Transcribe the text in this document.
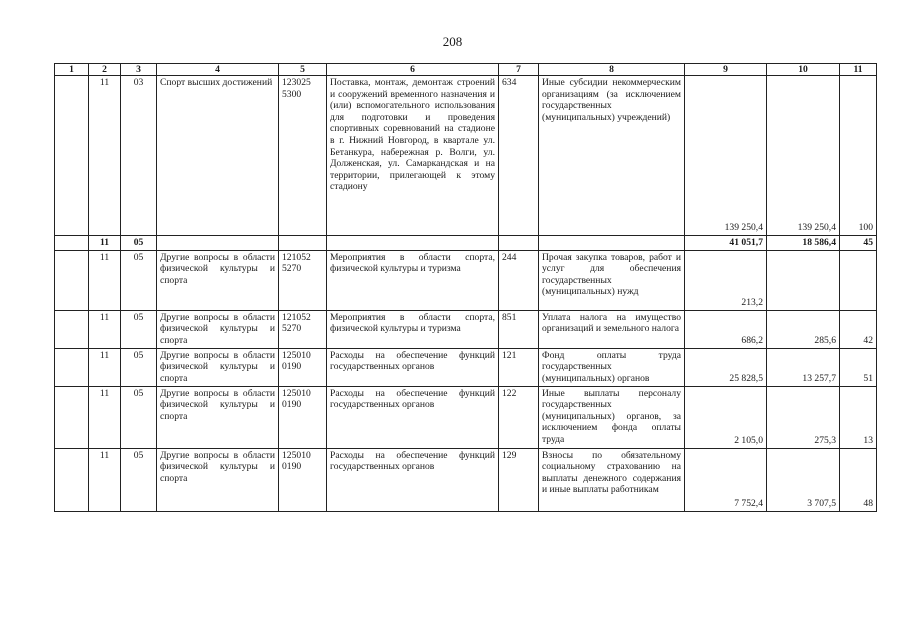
208
1	2	3	4	5	6	7	8	9	10	11
	11	03	Спорт высших достижений	123025 5300	Поставка, монтаж, демонтаж строений и сооружений временного назначения и (или) вспомогательного использования для подготовки и проведения спортивных соревнований на стадионе в г. Нижний Новгород, в квартале ул. Бетанкура, набережная р. Волги, ул. Долженская, ул. Самаркандская и на территории, прилегающей к этому стадиону	634	Иные субсидии некоммерческим организациям (за исключением государственных (муниципальных) учреждений)	139 250,4	139 250,4	100
	11	05						41 051,7	18 586,4	45
	11	05	Другие вопросы в области физической культуры и спорта	121052 5270	Мероприятия в области спорта, физической культуры и туризма	244	Прочая закупка товаров, работ и услуг для обеспечения государственных (муниципальных) нужд	213,2		
	11	05	Другие вопросы в области физической культуры и спорта	121052 5270	Мероприятия в области спорта, физической культуры и туризма	851	Уплата налога на имущество организаций и земельного налога	686,2	285,6	42
	11	05	Другие вопросы в области физической культуры и спорта	125010 0190	Расходы на обеспечение функций государственных органов	121	Фонд оплаты труда государственных (муниципальных) органов	25 828,5	13 257,7	51
	11	05	Другие вопросы в области физической культуры и спорта	125010 0190	Расходы на обеспечение функций государственных органов	122	Иные выплаты персоналу государственных (муниципальных) органов, за исключением фонда оплаты труда	2 105,0	275,3	13
	11	05	Другие вопросы в области физической культуры и спорта	125010 0190	Расходы на обеспечение функций государственных органов	129	Взносы по обязательному социальному страхованию на выплаты денежного содержания и иные выплаты работникам	7 752,4	3 707,5	48
